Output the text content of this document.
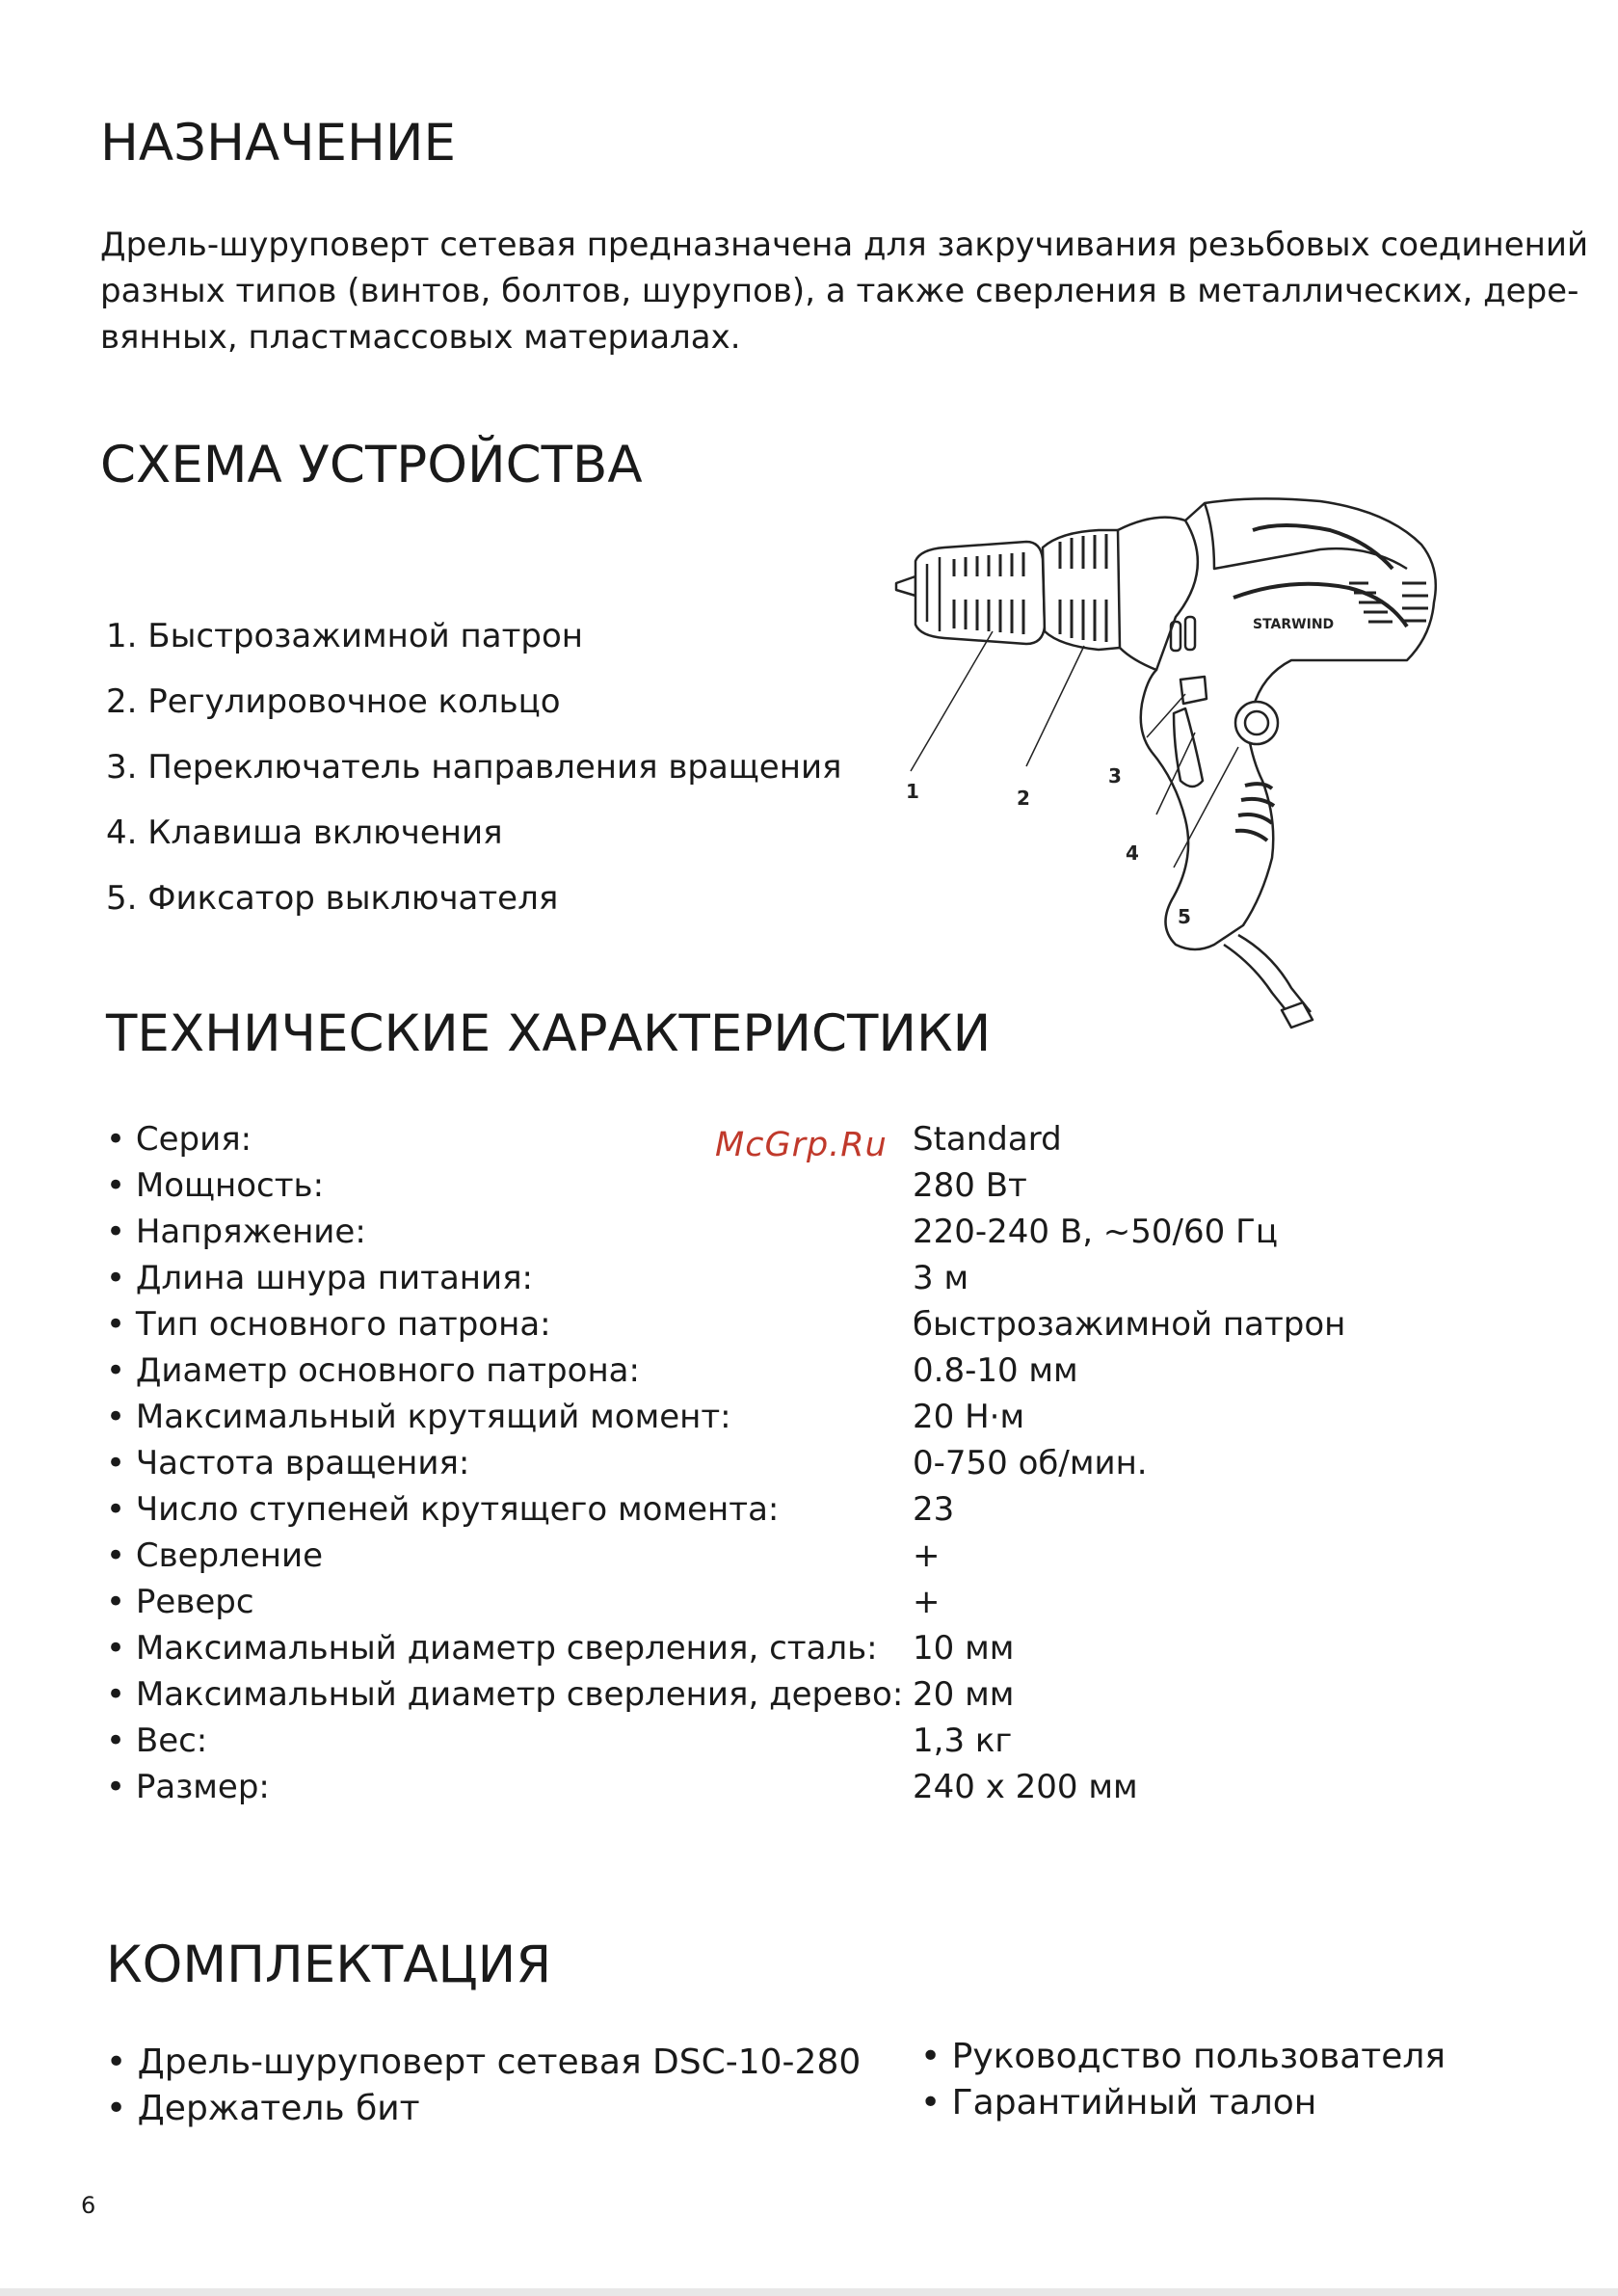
НАЗНАЧЕНИЕ

Дрель-шуруповерт сетевая предназначена для закручивания резьбовых соединений
разных типов (винтов, болтов, шурупов), а также сверления в металлических, дере-
вянных, пластмассовых материалах.

СХЕМА УСТРОЙСТВА
1. Быстрозажимной патрон
2. Регулировочное кольцо
3. Переключатель направления вращения
4. Клавиша включения
5. Фиксатор выключателя
STARWIND
1	2
3
4
5
ТЕХНИЧЕСКИЕ ХАРАКТЕРИСТИКИ
McGrp.Ru
• Серия:	Standard
• Мощность:	280 Вт
• Напряжение:	220-240 В, ~50/60 Гц
• Длина шнура питания:	3 м
• Тип основного патрона:	быстрозажимной патрон
• Диаметр основного патрона:	0.8-10 мм
• Максимальный крутящий момент:	20 Н·м
• Частота вращения:	0-750 об/мин.
• Число ступеней крутящего момента:	23
• Сверление	+
• Реверс	+
• Максимальный диаметр сверления, сталь: 10 мм
• Максимальный диаметр сверления, дерево: 20 мм
• Вес:	1,3 кг
• Размер:	240 х 200 мм
КОМПЛЕКТАЦИЯ
• Дрель-шуруповерт сетевая DSC-10-280
• Держатель бит
• Руководство пользователя
• Гарантийный талон
6
